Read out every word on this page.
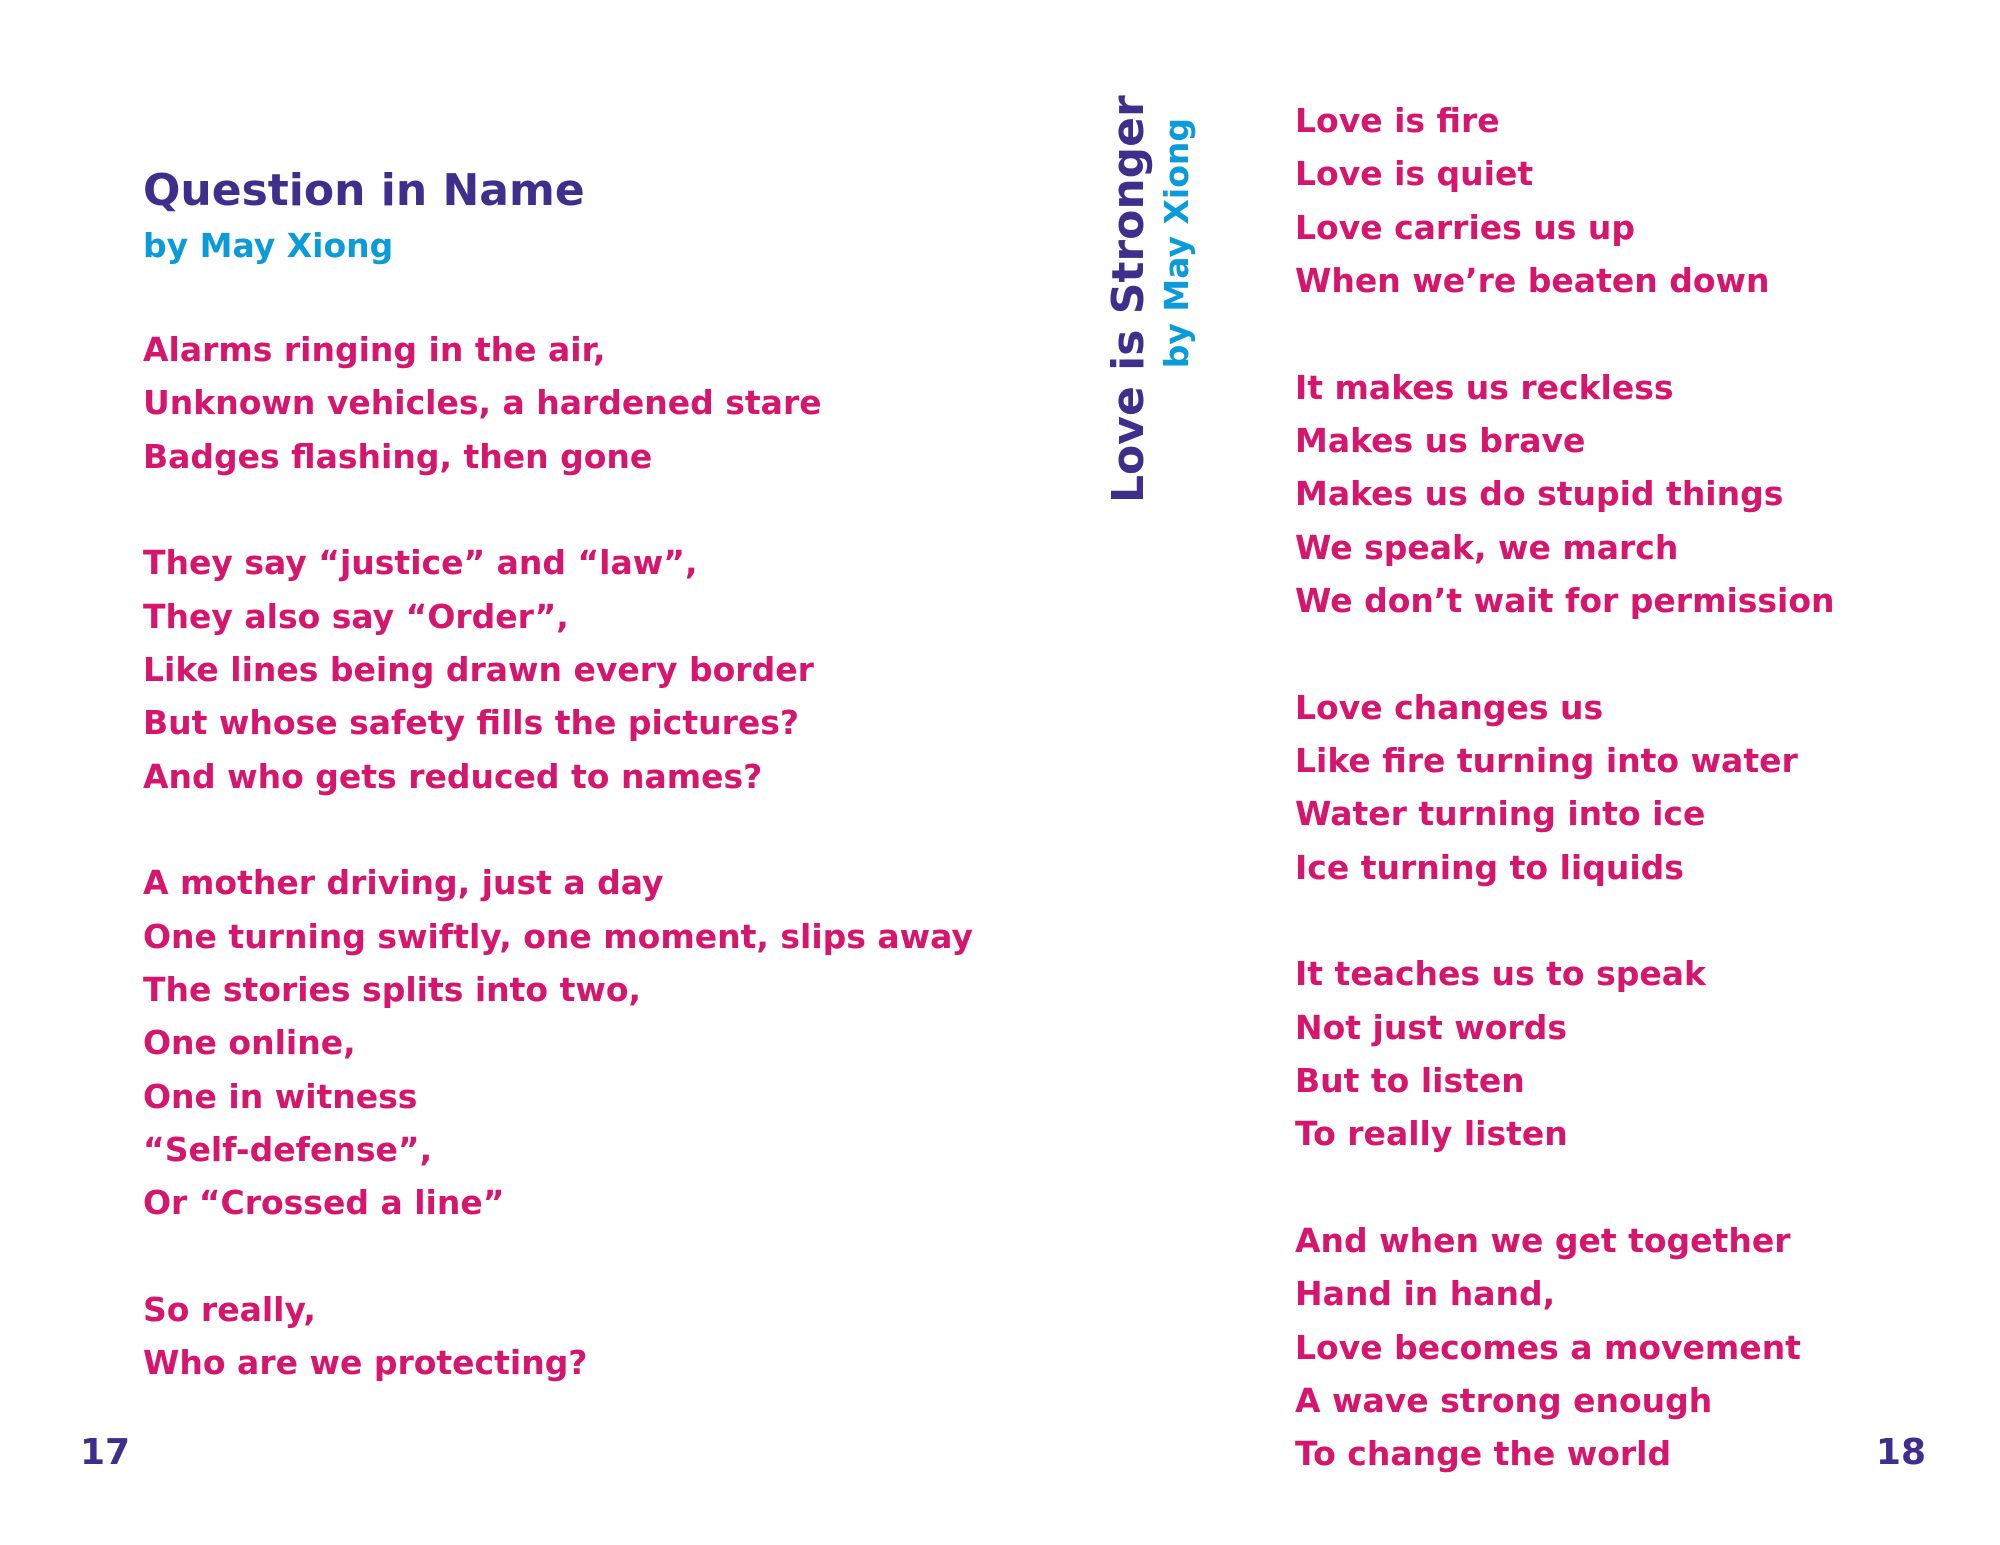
Question in Name
by May Xiong
Alarms ringing in the air,
Unknown vehicles, a hardened stare
Badges flashing, then gone
They say “justice” and “law”,
They also say “Order”,
Like lines being drawn every border
But whose safety fills the pictures?
And who gets reduced to names?
A mother driving, just a day
One turning swiftly, one moment, slips away
The stories splits into two,
One online,
One in witness
“Self-defense”,
Or “Crossed a line”
So really,
Who are we protecting?
17
Love is Stronger by May Xiong	Love is fire
Love is quiet
Love carries us up
When we’re beaten down
It makes us reckless
Makes us brave
Makes us do stupid things
We speak, we march
We don’t wait for permission
Love changes us
Like fire turning into water
Water turning into ice
Ice turning to liquids
It teaches us to speak
Not just words
But to listen
To really listen
And when we get together
Hand in hand,
Love becomes a movement
A wave strong enough
To change the world	18
